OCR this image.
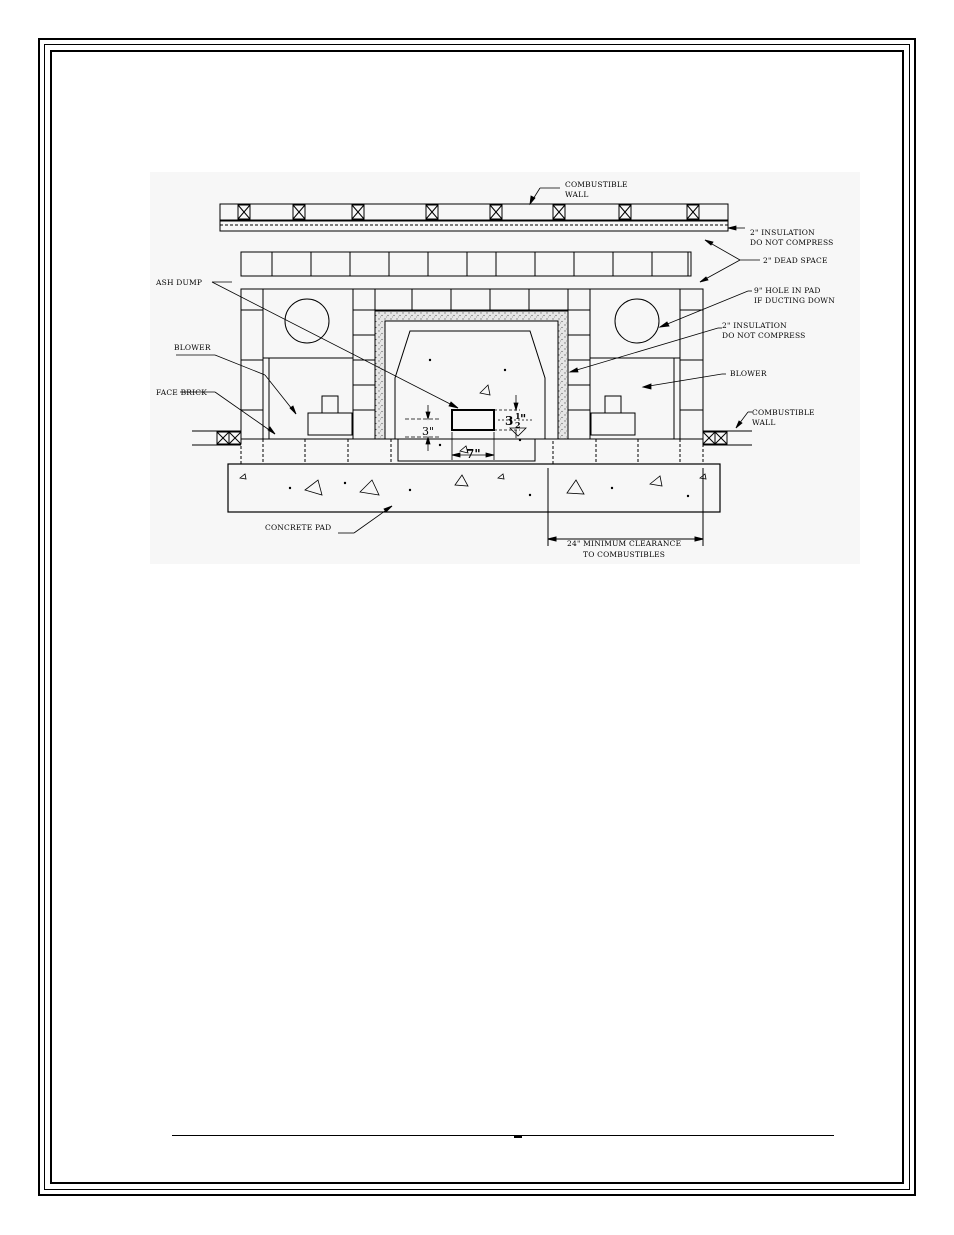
COMBUSTIBLE
WALL
2" INSULATION
DO NOT COMPRESS
2" DEAD SPACE
ASH DUMP
9" HOLE IN PAD
IF DUCTING DOWN
2" INSULATION
DO NOT COMPRESS
BLOWER
BLOWER
FACE BRICK
COMBUSTIBLE
WALL
CONCRETE PAD
24" MINIMUM CLEARANCE
TO COMBUSTIBLES
3"
7"
3 1
2 "
